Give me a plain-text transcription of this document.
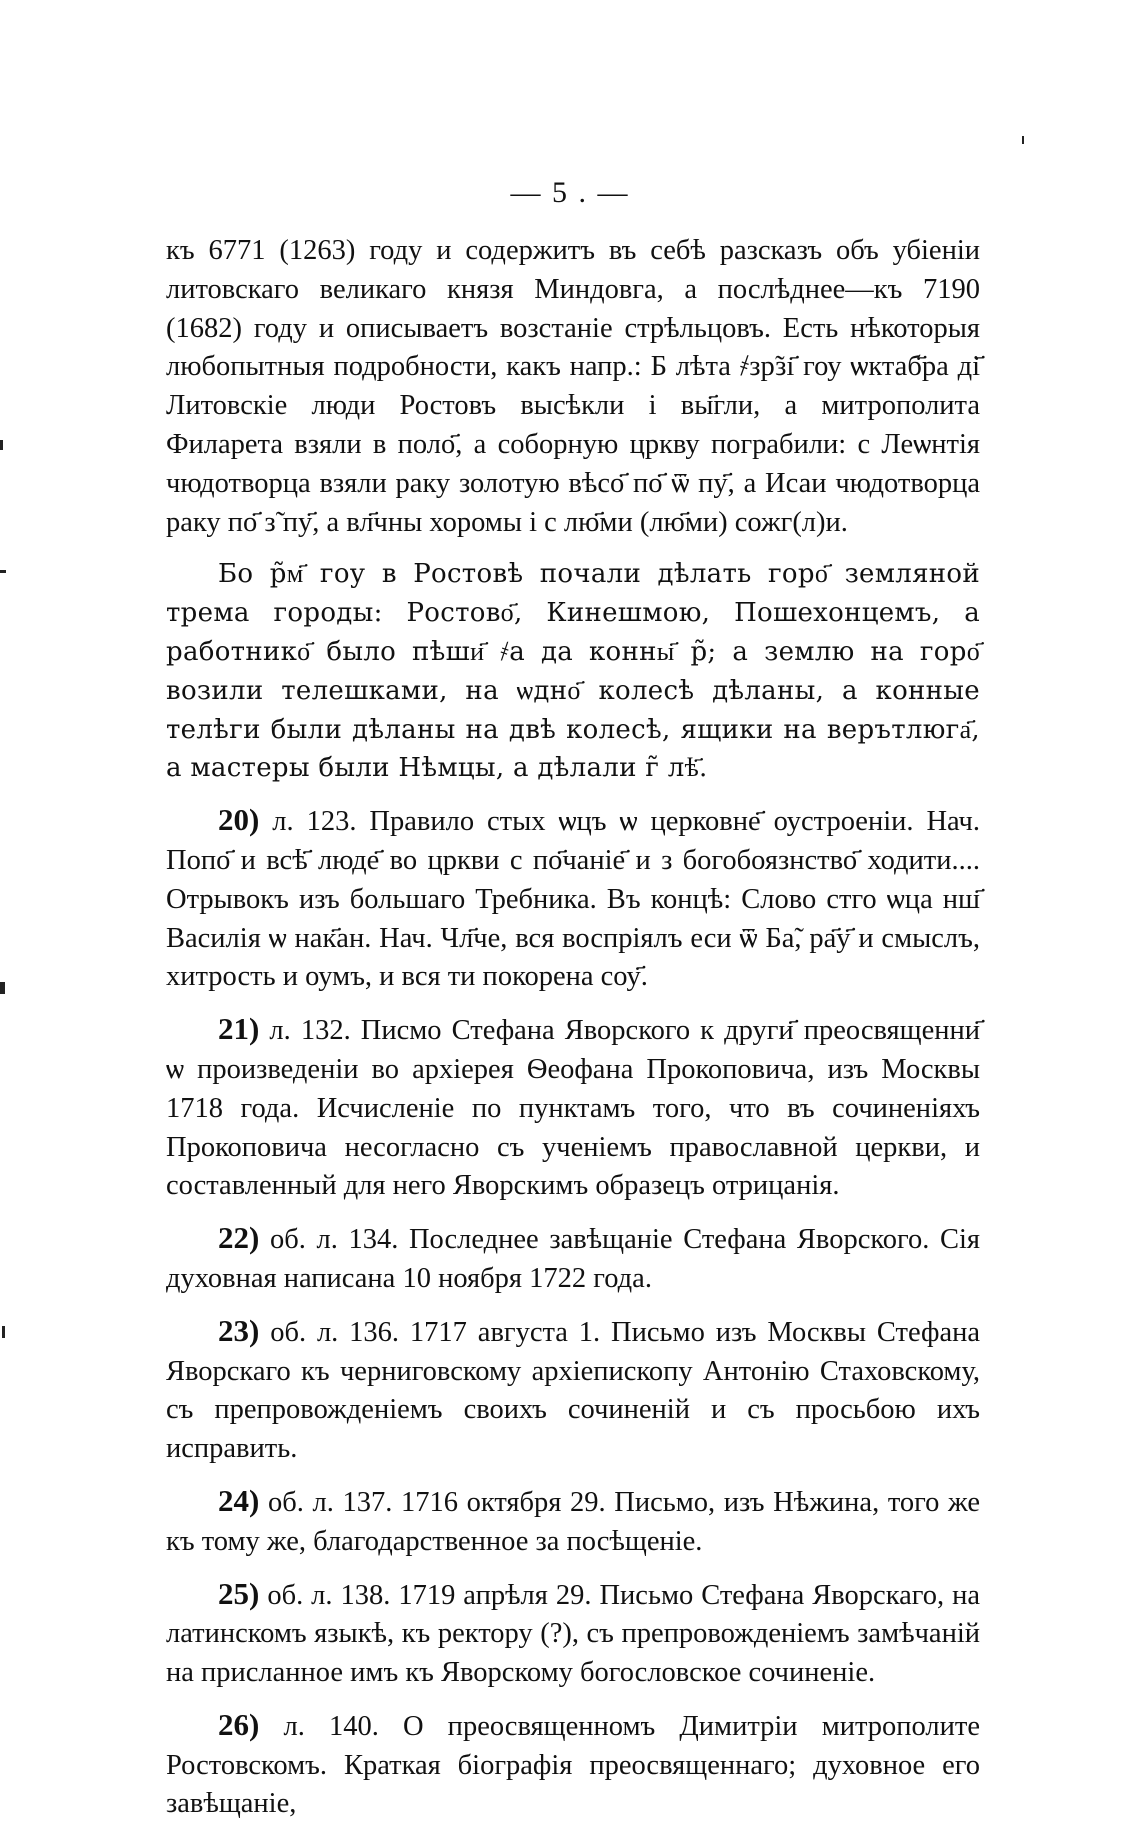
— 5 . —

къ 6771 (1263) году и содержитъ въ себѣ разсказъ объ убіеніи литовскаго великаго князя Миндовга, а послѣднее—къ 7190 (1682) году и описываетъ возстаніе стрѣльцовъ. Есть нѣкоторыя любопытныя подробности, какъ напр.: Б лѣта ҂зр̃зı҃ гоу ѡктаб҃ра ді҃ Литовскіе люди Ростовъ высѣкли і вы҃гли, а митрополита Филарета взяли в поло҃, а соборную цркву пограбили: с Леѡнтія чюдотворца взяли раку золотую вѣсо҃ по҃ ѿ пу҃, а Исаи чюдотворца раку по҃ з̃ пу҃, а вл҃чны хоромы і с лю҃ми (лю҃ми) сожг(л)и.

Бо р̃м҃ гоу в Ростовѣ почали дѣлать горо҃ земляной трема городы: Ростово҃, Кинешмою, Пошехонцемъ, а работнико҃ было пѣши҃ ҂а да конны҃ р̃; а землю на горо҃ возили телешками, на ѡдно҃ колесѣ дѣланы, а конные телѣги были дѣланы на двѣ колесѣ, ящики на верътлюга҃, а мастеры были Нѣмцы, а дѣлали г̃ лѣ҃.

20) л. 123. Правило стых ѡцъ ѡ церковне҃ оустроеніи. Нач. Попо҃ и всѣ҃ люде҃ во цркви с по҃чаніе҃ и з богобоязнство҃ ходити.... Отрывокъ изъ большаго Требника. Въ концѣ: Слово стго ѡца нш҃ Василія ѡ нак҃ан. Нач. Чл҃че, вся воспріялъ еси ѿ Ба̃, ра҃у҃ и смыслъ, хитрость и оумъ, и вся ти покорена соу҃.

21) л. 132. Писмо Стефана Яворского к други҃ преосвященни҃ ѡ произведеніи во архіерея Ѳеофана Прокоповича, изъ Москвы 1718 года. Исчисленіе по пунктамъ того, что въ сочиненіяхъ Прокоповича несогласно съ ученіемъ православной церкви, и составленный для него Яворскимъ образецъ отрицанія.

22) об. л. 134. Последнее завѣщаніе Стефана Яворского. Сія духовная написана 10 ноября 1722 года.

23) об. л. 136. 1717 августа 1. Письмо изъ Москвы Стефана Яворскаго къ черниговскому архіепископу Антонію Стаховскому, съ препровожденіемъ своихъ сочиненій и съ просьбою ихъ исправить.

24) об. л. 137. 1716 октября 29. Письмо, изъ Нѣжина, того же къ тому же, благодарственное за посѣщеніе.

25) об. л. 138. 1719 апрѣля 29. Письмо Стефана Яворскаго, на латинскомъ языкѣ, къ ректору (?), съ препровожденіемъ замѣчаній на присланное имъ къ Яворскому богословское сочиненіе.

26) л. 140. О преосвященномъ Димитріи митрополите Ростовскомъ. Краткая біографія преосвященнаго; духовное его завѣщаніе,
